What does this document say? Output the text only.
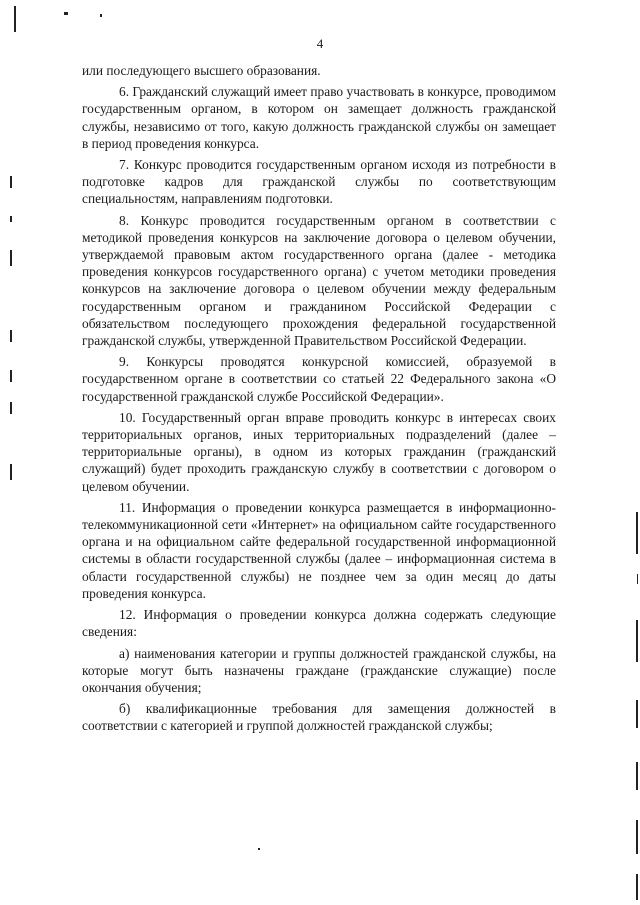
4

или последующего высшего образования.

6. Гражданский служащий имеет право участвовать в конкурсе, проводимом государственным органом, в котором он замещает должность гражданской службы, независимо от того, какую должность гражданской службы он замещает в период проведения конкурса.

7. Конкурс проводится государственным органом исходя из потребности в подготовке кадров для гражданской службы по соответствующим специальностям, направлениям подготовки.

8. Конкурс проводится государственным органом в соответствии с методикой проведения конкурсов на заключение договора о целевом обучении, утверждаемой правовым актом государственного органа (далее - методика проведения конкурсов государственного органа) с учетом методики проведения конкурсов на заключение договора о целевом обучении между федеральным государственным органом и гражданином Российской Федерации с обязательством последующего прохождения федеральной государственной гражданской службы, утвержденной Правительством Российской Федерации.

9. Конкурсы проводятся конкурсной комиссией, образуемой в государственном органе в соответствии со статьей 22 Федерального закона «О государственной гражданской службе Российской Федерации».

10. Государственный орган вправе проводить конкурс в интересах своих территориальных органов, иных территориальных подразделений (далее – территориальные органы), в одном из которых гражданин (гражданский служащий) будет проходить гражданскую службу в соответствии с договором о целевом обучении.

11. Информация о проведении конкурса размещается в информационно-телекоммуникационной сети «Интернет» на официальном сайте государственного органа и на официальном сайте федеральной государственной информационной системы в области государственной службы (далее – информационная система в области государственной службы) не позднее чем за один месяц до даты проведения конкурса.

12. Информация о проведении конкурса должна содержать следующие сведения:

а) наименования категории и группы должностей гражданской службы, на которые могут быть назначены граждане (гражданские служащие) после окончания обучения;

б) квалификационные требования для замещения должностей в соответствии с категорией и группой должностей гражданской службы;
